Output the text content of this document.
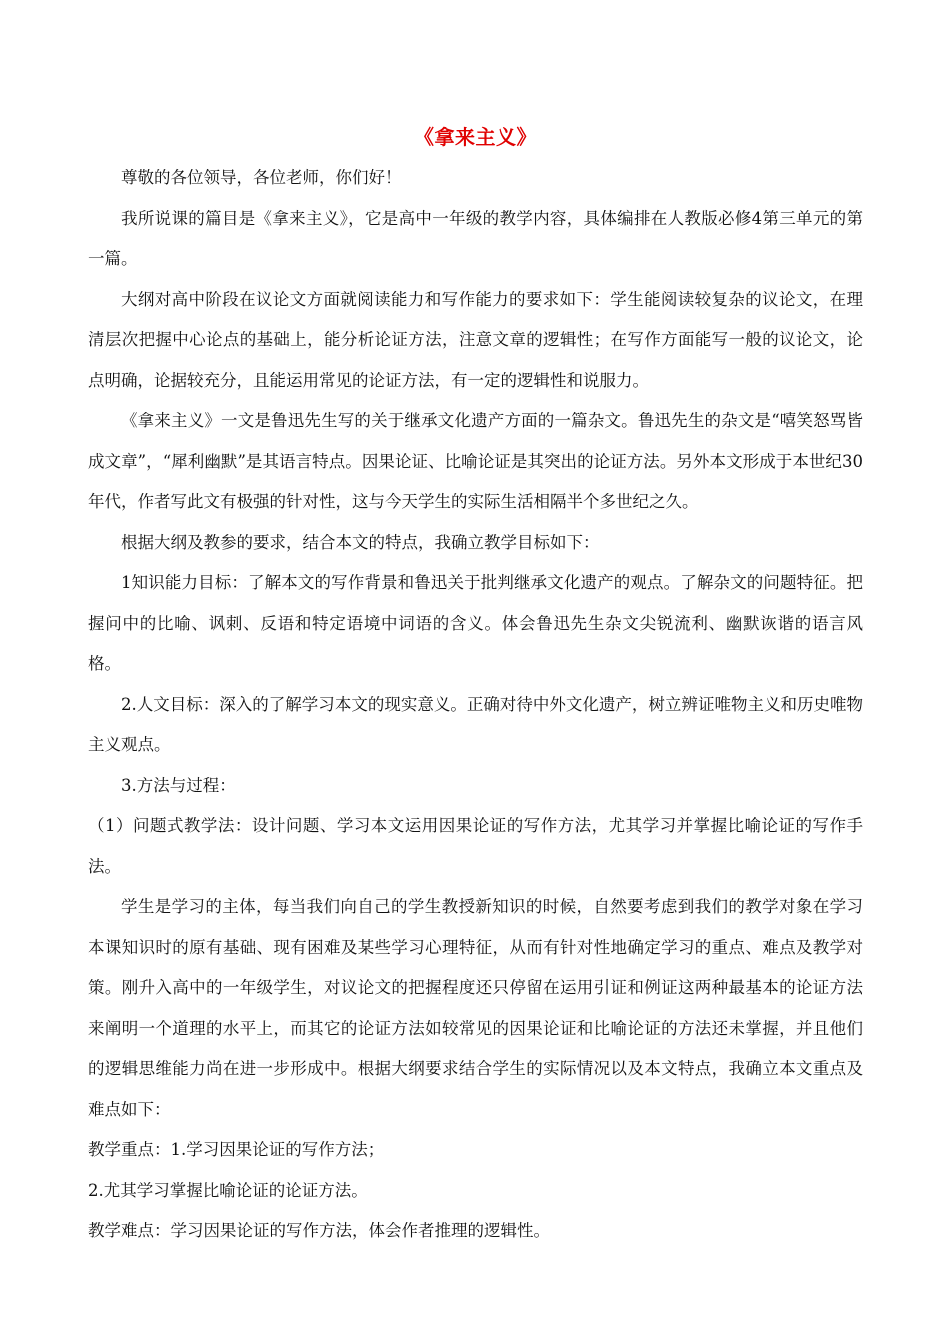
《拿来主义》

尊敬的各位领导，各位老师，你们好！

我所说课的篇目是《拿来主义》，它是高中一年级的教学内容，具体编排在人教版必修4第三单元的第一篇。

大纲对高中阶段在议论文方面就阅读能力和写作能力的要求如下：学生能阅读较复杂的议论文，在理清层次把握中心论点的基础上，能分析论证方法，注意文章的逻辑性；在写作方面能写一般的议论文，论点明确，论据较充分，且能运用常见的论证方法，有一定的逻辑性和说服力。

《拿来主义》一文是鲁迅先生写的关于继承文化遗产方面的一篇杂文。鲁迅先生的杂文是“嘻笑怒骂皆成文章”，“犀利幽默”是其语言特点。因果论证、比喻论证是其突出的论证方法。另外本文形成于本世纪30年代，作者写此文有极强的针对性，这与今天学生的实际生活相隔半个多世纪之久。

根据大纲及教参的要求，结合本文的特点，我确立教学目标如下：

1知识能力目标：了解本文的写作背景和鲁迅关于批判继承文化遗产的观点。了解杂文的问题特征。把握问中的比喻、讽刺、反语和特定语境中词语的含义。体会鲁迅先生杂文尖锐流利、幽默诙谐的语言风格。

2.人文目标：深入的了解学习本文的现实意义。正确对待中外文化遗产，树立辨证唯物主义和历史唯物主义观点。

3.方法与过程：

（1）问题式教学法：设计问题、学习本文运用因果论证的写作方法，尤其学习并掌握比喻论证的写作手法。

学生是学习的主体，每当我们向自己的学生教授新知识的时候，自然要考虑到我们的教学对象在学习本课知识时的原有基础、现有困难及某些学习心理特征，从而有针对性地确定学习的重点、难点及教学对策。刚升入高中的一年级学生，对议论文的把握程度还只停留在运用引证和例证这两种最基本的论证方法来阐明一个道理的水平上，而其它的论证方法如较常见的因果论证和比喻论证的方法还未掌握，并且他们的逻辑思维能力尚在进一步形成中。根据大纲要求结合学生的实际情况以及本文特点，我确立本文重点及难点如下：

教学重点：1.学习因果论证的写作方法；

2.尤其学习掌握比喻论证的论证方法。

教学难点：学习因果论证的写作方法，体会作者推理的逻辑性。
